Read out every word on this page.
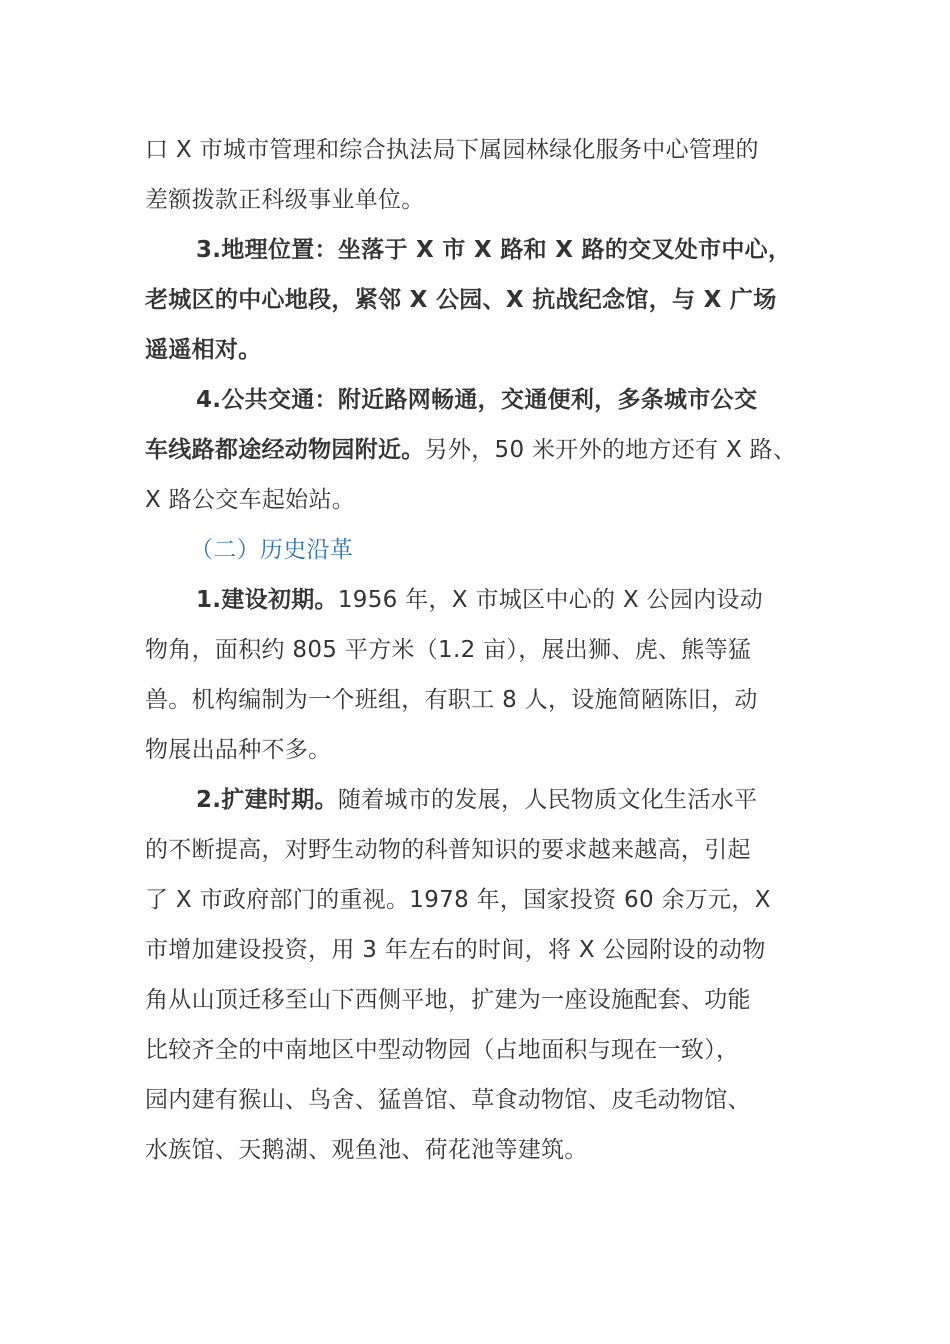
口 X 市城市管理和综合执法局下属园林绿化服务中心管理的
差额拨款正科级事业单位。
3.地理位置：坐落于 X 市 X 路和 X 路的交叉处市中心，
老城区的中心地段，紧邻 X 公园、X 抗战纪念馆，与 X 广场
遥遥相对。
4.公共交通：附近路网畅通，交通便利，多条城市公交
车线路都途经动物园附近。另外，50 米开外的地方还有 X 路、
X 路公交车起始站。
（二）历史沿革
1.建设初期。1956 年，X 市城区中心的 X 公园内设动
物角，面积约 805 平方米（1.2 亩），展出狮、虎、熊等猛
兽。机构编制为一个班组，有职工 8 人，设施简陋陈旧，动
物展出品种不多。
2.扩建时期。随着城市的发展，人民物质文化生活水平
的不断提高，对野生动物的科普知识的要求越来越高，引起
了 X 市政府部门的重视。1978 年，国家投资 60 余万元，X
市增加建设投资，用 3 年左右的时间，将 X 公园附设的动物
角从山顶迁移至山下西侧平地，扩建为一座设施配套、功能
比较齐全的中南地区中型动物园（占地面积与现在一致），
园内建有猴山、鸟舍、猛兽馆、草食动物馆、皮毛动物馆、
水族馆、天鹅湖、观鱼池、荷花池等建筑。
